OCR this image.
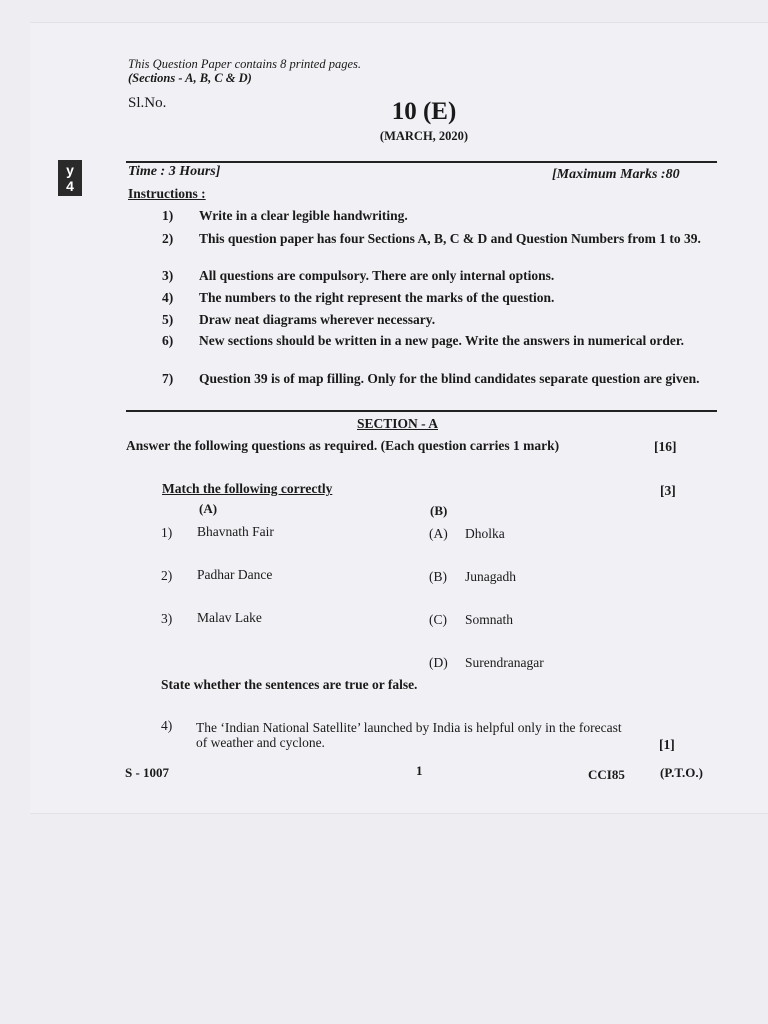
y
4
This Question Paper contains 8 printed pages.
(Sections - A, B, C & D)
Sl.No.	10 (E)
(MARCH, 2020)
Time : 3 Hours]	[Maximum Marks :80
Instructions :
1) Write in a clear legible handwriting.
2) This question paper has four Sections A, B, C & D and Question Numbers from 1 to 39.
3) All questions are compulsory. There are only internal options.
4) The numbers to the right represent the marks of the question.
5) Draw neat diagrams wherever necessary.
6) New sections should be written in a new page. Write the answers in numerical order.
7) Question 39 is of map filling. Only for the blind candidates separate question are given.
SECTION - A
Answer the following questions as required. (Each question carries 1 mark)	[16]
Match the following correctly	[3]
(A)	(B)
1) Bhavnath Fair	(A) Dholka
2) Padhar Dance	(B) Junagadh
3) Malav Lake	(C) Somnath
(D) Surendranagar
State whether the sentences are true or false.
4) The ‘Indian National Satellite’ launched by India is helpful only in the forecast
of weather and cyclone.	[1]
S - 1007	1	CCI85	(P.T.O.)
